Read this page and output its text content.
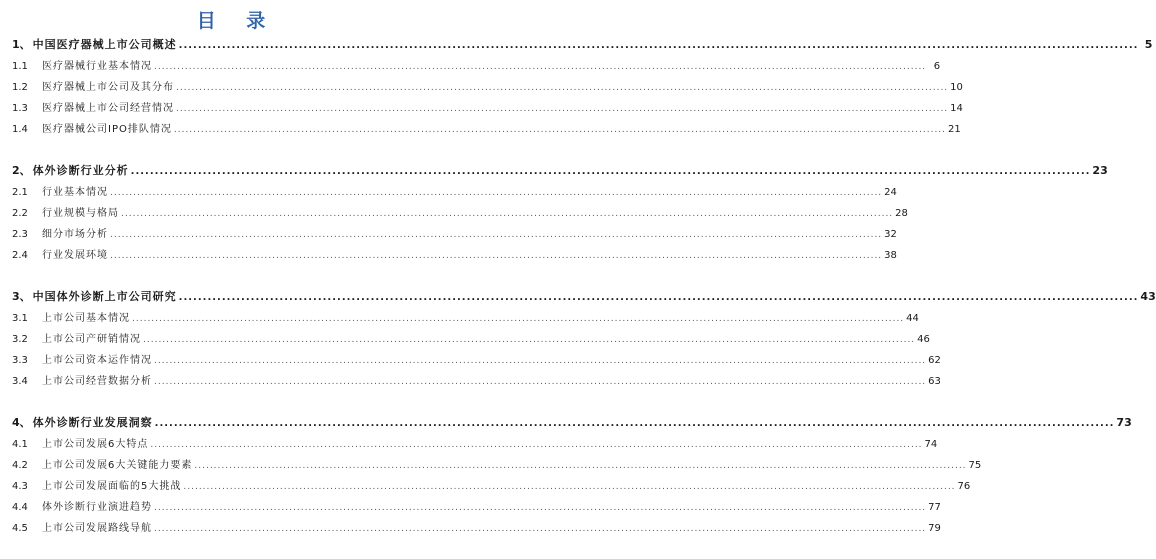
目 录
1、 中国医疗器械上市公司概述 ........................................................................................................................................................................................................ 5
1.1	医疗器械行业基本情况 ........................................................................................................................................................................................................ 6
1.2	医疗器械上市公司及其分布 ........................................................................................................................................................................................................ 10
1.3	医疗器械上市公司经营情况 ........................................................................................................................................................................................................ 14
1.4	医疗器械公司IPO排队情况 ........................................................................................................................................................................................................ 21
2、 体外诊断行业分析 ........................................................................................................................................................................................................ 23
2.1	行业基本情况 ........................................................................................................................................................................................................ 24
2.2	行业规模与格局 ........................................................................................................................................................................................................ 28
2.3	细分市场分析 ........................................................................................................................................................................................................ 32
2.4	行业发展环境 ........................................................................................................................................................................................................ 38
3、 中国体外诊断上市公司研究 ........................................................................................................................................................................................................ 43
3.1	上市公司基本情况 ........................................................................................................................................................................................................ 44
3.2	上市公司产研销情况 ........................................................................................................................................................................................................ 46
3.3	上市公司资本运作情况 ........................................................................................................................................................................................................ 62
3.4	上市公司经营数据分析 ........................................................................................................................................................................................................ 63
4、 体外诊断行业发展洞察 ........................................................................................................................................................................................................ 73
4.1	上市公司发展6大特点 ........................................................................................................................................................................................................ 74
4.2	上市公司发展6大关键能力要素 ........................................................................................................................................................................................................ 75
4.3	上市公司发展面临的5大挑战 ........................................................................................................................................................................................................ 76
4.4	体外诊断行业演进趋势 ........................................................................................................................................................................................................ 77
4.5	上市公司发展路线导航 ........................................................................................................................................................................................................ 79
